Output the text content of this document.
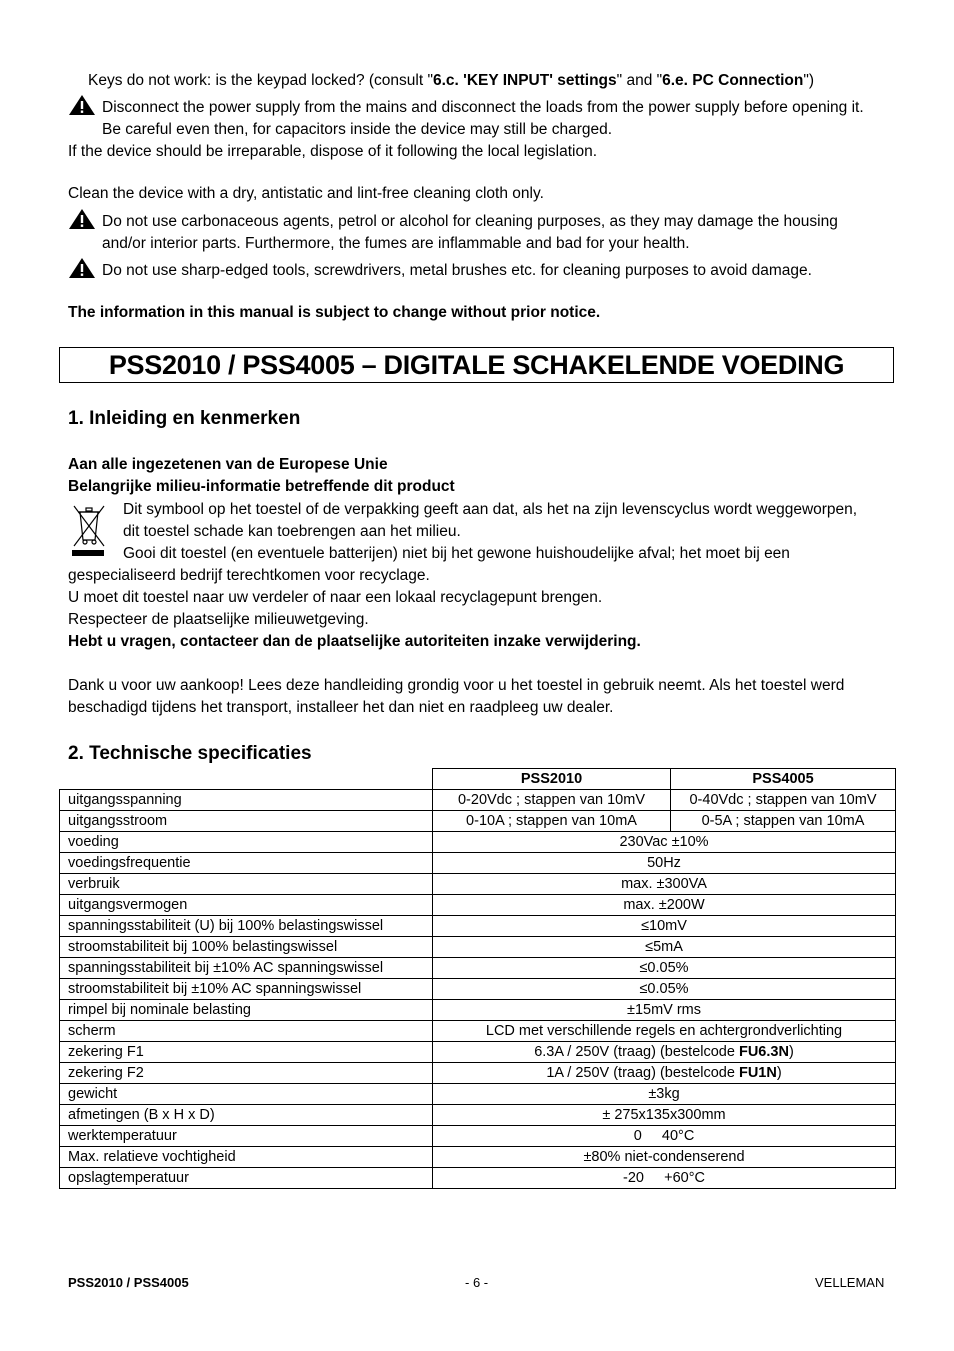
Keys do not work: is the keypad locked? (consult "6.c. 'KEY INPUT' settings" and "6.e. PC Connection")
Disconnect the power supply from the mains and disconnect the loads from the power supply before opening it.
Be careful even then, for capacitors inside the device may still be charged.
If the device should be irreparable, dispose of it following the local legislation.
Clean the device with a dry, antistatic and lint-free cleaning cloth only.
Do not use carbonaceous agents, petrol or alcohol for cleaning purposes, as they may damage the housing
and/or interior parts. Furthermore, the fumes are inflammable and bad for your health.
Do not use sharp-edged tools, screwdrivers, metal brushes etc. for cleaning purposes to avoid damage.
The information in this manual is subject to change without prior notice.
PSS2010 / PSS4005 – DIGITALE SCHAKELENDE VOEDING
1. Inleiding en kenmerken
Aan alle ingezetenen van de Europese Unie
Belangrijke milieu-informatie betreffende dit product
Dit symbool op het toestel of de verpakking geeft aan dat, als het na zijn levenscyclus wordt weggeworpen,
dit toestel schade kan toebrengen aan het milieu.
Gooi dit toestel (en eventuele batterijen) niet bij het gewone huishoudelijke afval; het moet bij een
gespecialiseerd bedrijf terechtkomen voor recyclage.
U moet dit toestel naar uw verdeler of naar een lokaal recyclagepunt brengen.
Respecteer de plaatselijke milieuwetgeving.
Hebt u vragen, contacteer dan de plaatselijke autoriteiten inzake verwijdering.
Dank u voor uw aankoop! Lees deze handleiding grondig voor u het toestel in gebruik neemt. Als het toestel werd
beschadigd tijdens het transport, installeer het dan niet en raadpleeg uw dealer.
2. Technische specificaties
	PSS2010	PSS4005
uitgangsspanning	0-20Vdc ; stappen van 10mV	0-40Vdc ; stappen van 10mV
uitgangsstroom	0-10A ; stappen van 10mA	0-5A ; stappen van 10mA
voeding	230Vac ±10%	
voedingsfrequentie	50Hz	
verbruik	max. ±300VA	
uitgangsvermogen	max. ±200W	
spanningsstabiliteit (U) bij 100% belastingswissel	≤10mV	
stroomstabiliteit bij 100% belastingswissel	≤5mA	
spanningsstabiliteit bij ±10% AC spanningswissel	≤0.05%	
stroomstabiliteit bij ±10% AC spanningswissel	≤0.05%	
rimpel bij nominale belasting	±15mV rms	
scherm	LCD met verschillende regels en achtergrondverlichting	
zekering F1	6.3A / 250V (traag) (bestelcode FU6.3N)	
zekering F2	1A / 250V (traag) (bestelcode FU1N)	
gewicht	±3kg	
afmetingen (B x H x D)	± 275x135x300mm	
werktemperatuur	0     40°C	
Max. relatieve vochtigheid	±80% niet-condenserend	
opslagtemperatuur	-20     +60°C	
PSS2010 / PSS4005	- 6 -	VELLEMAN
